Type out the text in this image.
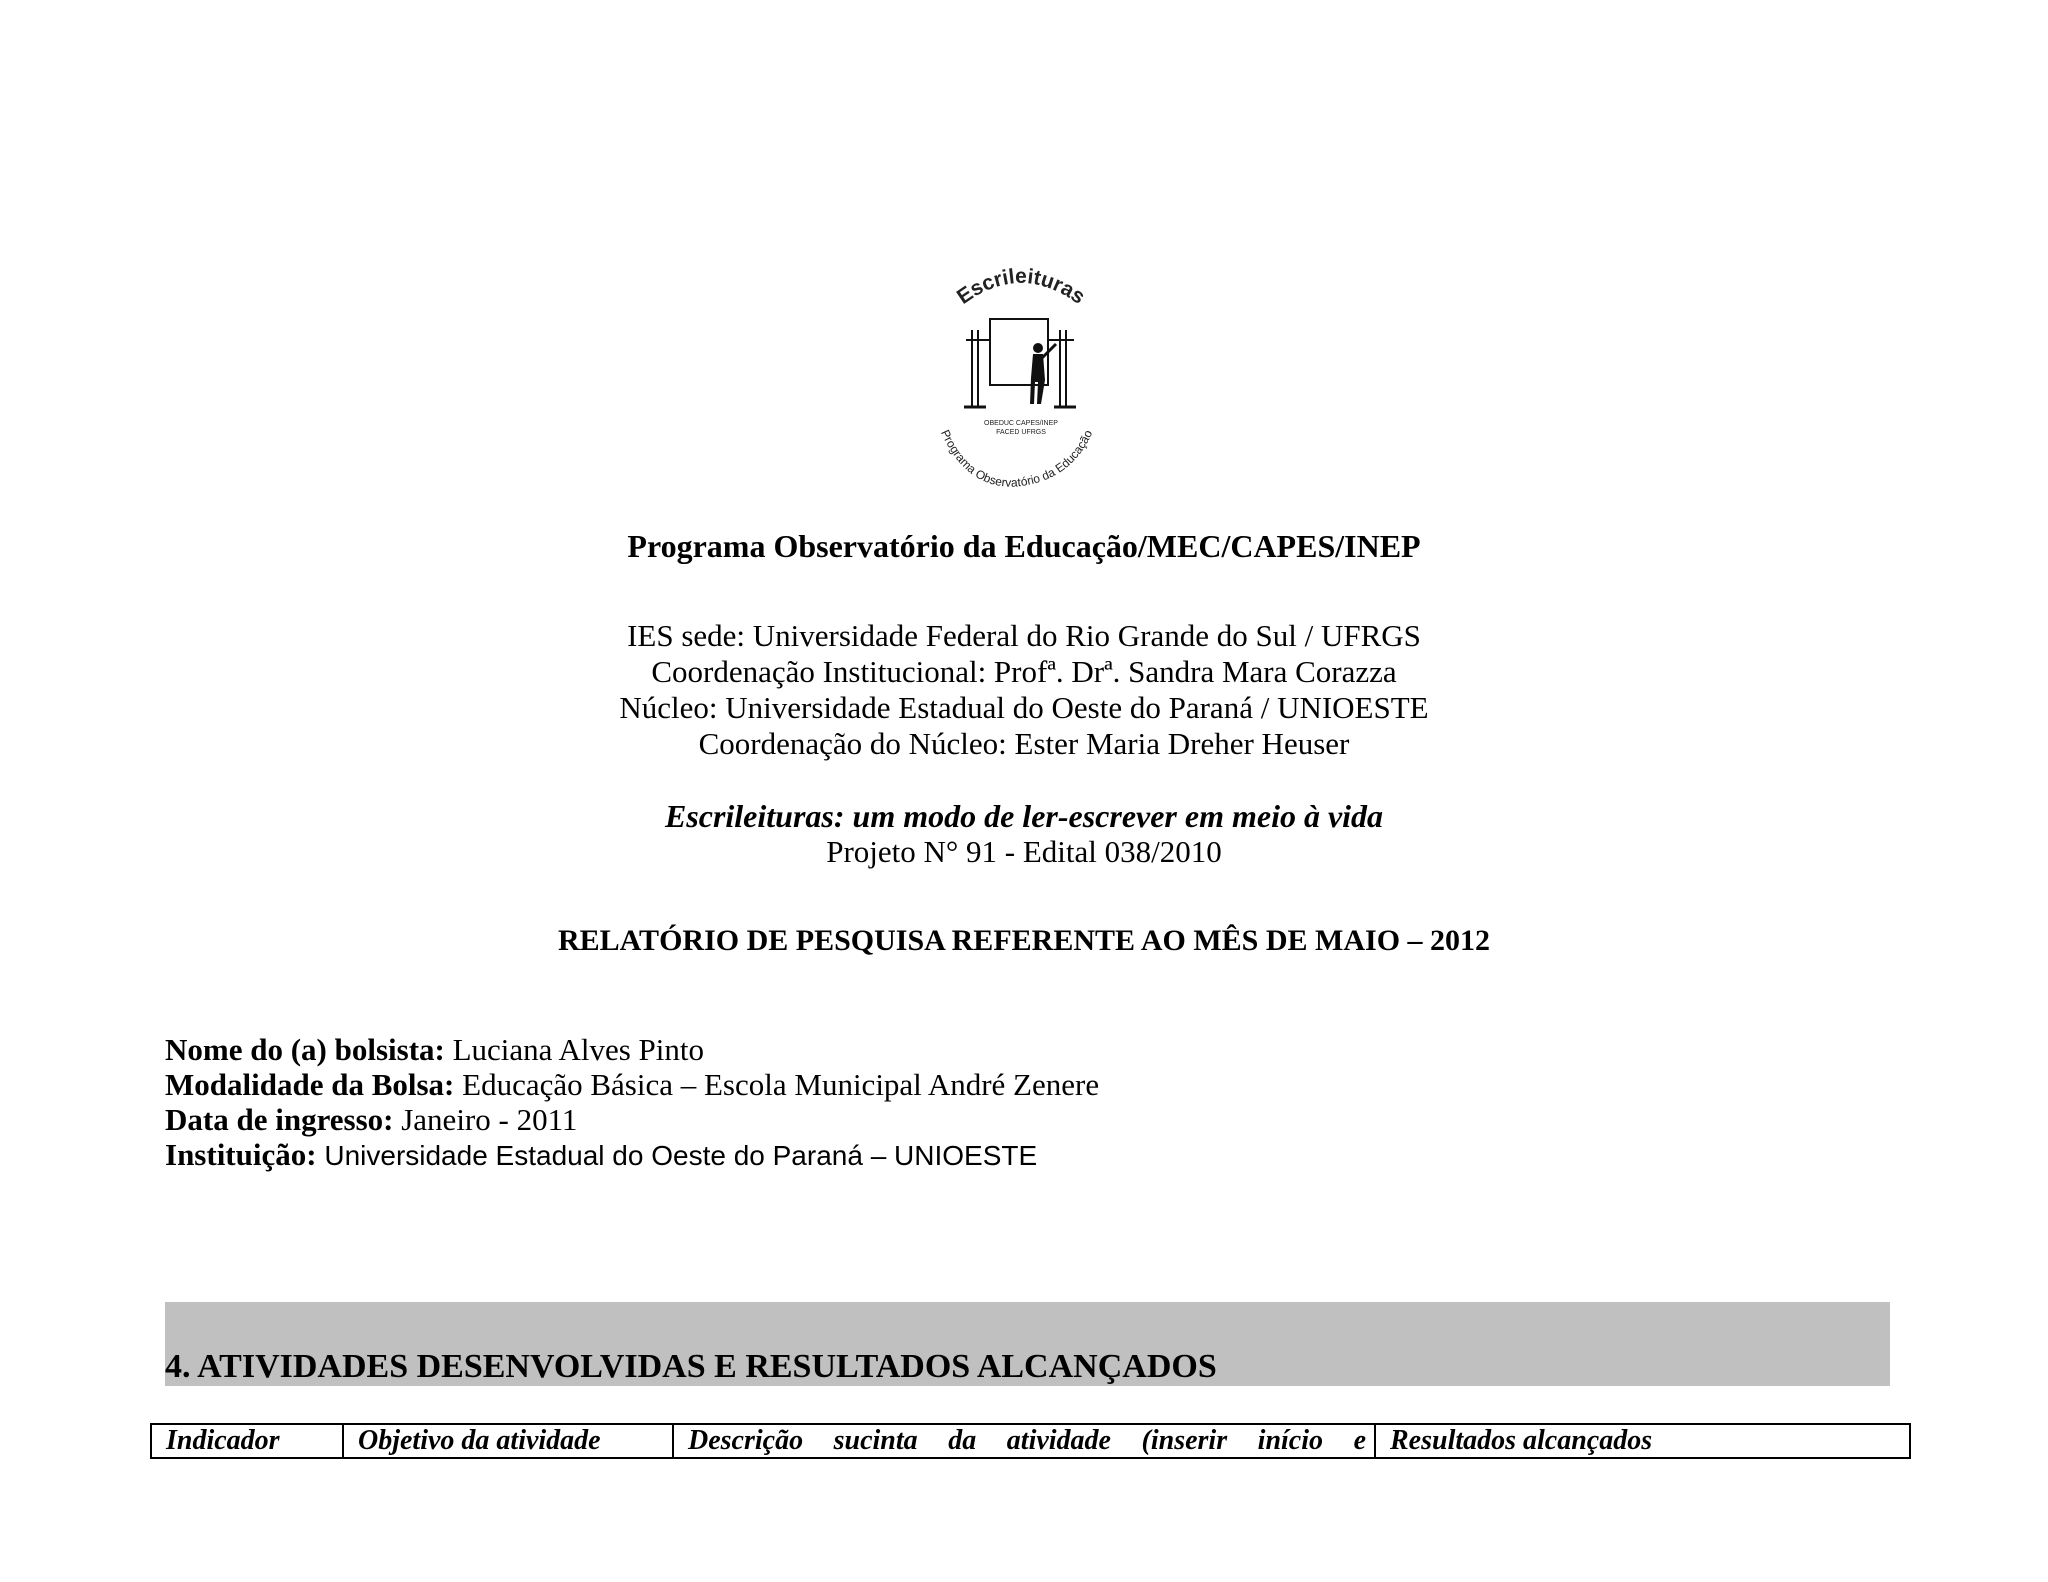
Escrileituras
OBEDUC CAPES/INEP
FACED UFRGS
Programa Observatório da Educação
Programa Observatório da Educação/MEC/CAPES/INEP
IES sede: Universidade Federal do Rio Grande do Sul / UFRGS
Coordenação Institucional: Profª. Drª. Sandra Mara Corazza
Núcleo: Universidade Estadual do Oeste do Paraná / UNIOESTE
Coordenação do Núcleo: Ester Maria Dreher Heuser
Escrileituras: um modo de ler-escrever em meio à vida
Projeto N° 91 - Edital 038/2010
RELATÓRIO DE PESQUISA REFERENTE AO MÊS DE MAIO – 2012
Nome do (a) bolsista: Luciana Alves Pinto
Modalidade da Bolsa: Educação Básica – Escola Municipal André Zenere
Data de ingresso: Janeiro - 2011
Instituição: Universidade Estadual do Oeste do Paraná – UNIOESTE
4. ATIVIDADES DESENVOLVIDAS E RESULTADOS ALCANÇADOS
Indicador	Objetivo da atividade	Descrição sucinta da atividade (inserir início e Resultados alcançados
